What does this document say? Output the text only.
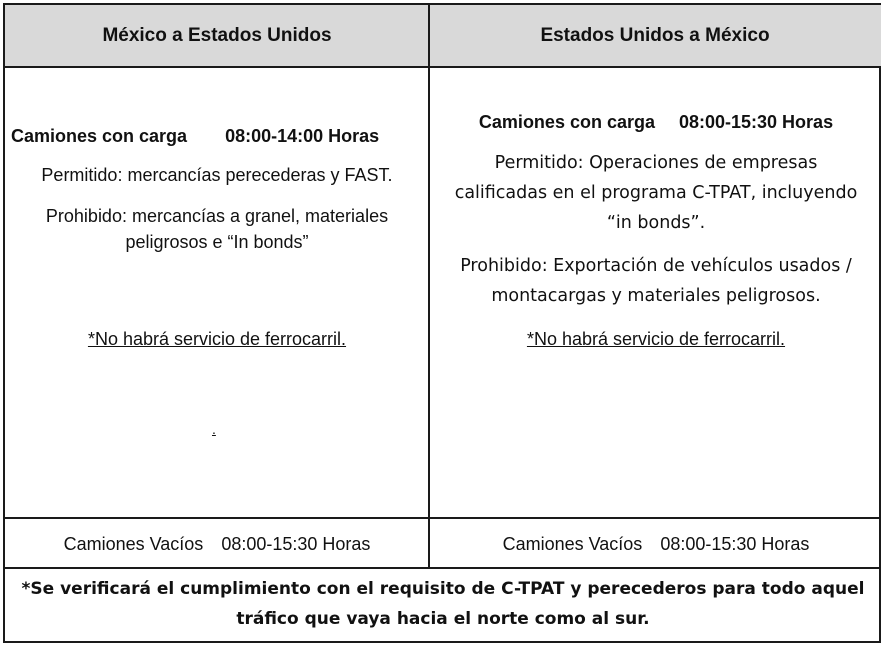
México a Estados Unidos	Estados Unidos a México
Camiones con carga 08:00-14:00 Horas
Permitido: mercancías perecederas y FAST.
Prohibido: mercancías a granel, materiales
peligrosos e “In bonds”
*No habrá servicio de ferrocarril.
.
Camiones con carga 08:00-15:30 Horas
Permitido: Operaciones de empresas
calificadas en el programa C-TPAT, incluyendo
“in bonds”.
Prohibido: Exportación de vehículos usados /
montacargas y materiales peligrosos.
*No habrá servicio de ferrocarril.
Camiones Vacíos 08:00-15:30 Horas	Camiones Vacíos 08:00-15:30 Horas
*Se verificará el cumplimiento con el requisito de C-TPAT y perecederos para todo aquel
tráfico que vaya hacia el norte como al sur.
